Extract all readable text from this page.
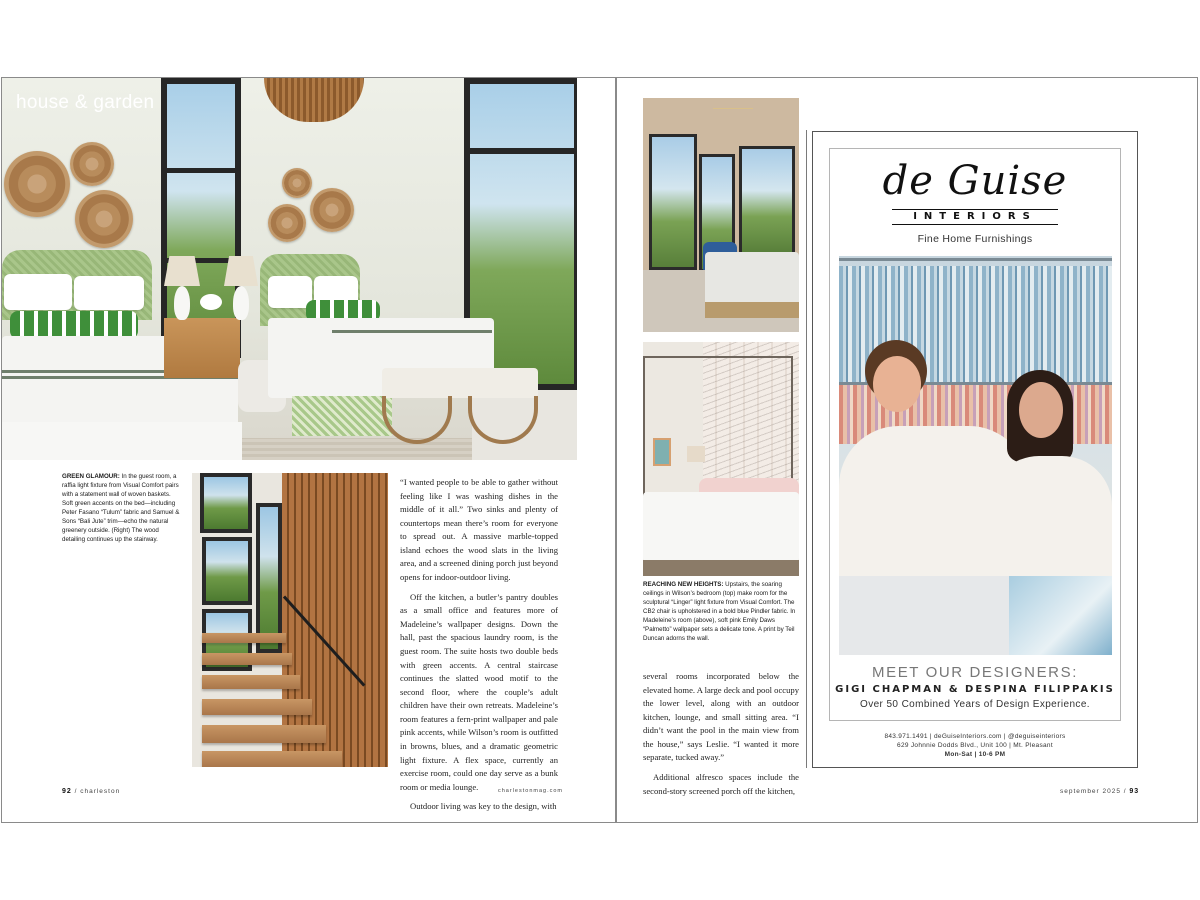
house & garden
GREEN GLAMOUR: In the guest room, a raffia light fixture from Visual Comfort pairs with a statement wall of woven baskets. Soft green accents on the bed—including Peter Fasano “Tulum” fabric and Samuel & Sons “Bali Jute” trim—echo the natural greenery outside. (Right) The wood detailing continues up the stairway.

“I wanted people to be able to gather without feeling like I was washing dishes in the middle of it all.” Two sinks and plenty of countertops mean there’s room for everyone to spread out. A massive marble-topped island echoes the wood slats in the living area, and a screened dining porch just beyond opens for indoor-outdoor living.

Off the kitchen, a butler’s pantry doubles as a small office and features more of Madeleine’s wallpaper designs. Down the hall, past the spacious laundry room, is the guest room. The suite hosts two double beds with green accents. A central staircase continues the slatted wood motif to the second floor, where the couple’s adult children have their own retreats. Madeleine’s room features a fern-print wallpaper and pale pink accents, while Wilson’s room is outfitted in browns, blues, and a dramatic geometric light fixture. A flex space, currently an exercise room, could one day serve as a bunk room or media lounge.

Outdoor living was key to the design, with

92 / charleston	charlestonmag.com
REACHING NEW HEIGHTS: Upstairs, the soaring ceilings in Wilson’s bedroom (top) make room for the sculptural “Linger” light fixture from Visual Comfort. The CB2 chair is upholstered in a bold blue Pindler fabric. In Madeleine’s room (above), soft pink Emily Daws “Palmetto” wallpaper sets a delicate tone. A print by Teil Duncan adorns the wall.

several rooms incorporated below the elevated home. A large deck and pool occupy the lower level, along with an outdoor kitchen, lounge, and small sitting area. “I didn’t want the pool in the main view from the house,” says Leslie. “I wanted it more separate, tucked away.”

Additional alfresco spaces include the second-story screened porch off the kitchen,

de Guise
INTERIORS
Fine Home Furnishings
MEET OUR DESIGNERS:
GIGI CHAPMAN & DESPINA FILIPPAKIS
Over 50 Combined Years of Design Experience.
843.971.1491 | deGuiseInteriors.com | @deguiseinteriors
629 Johnnie Dodds Blvd., Unit 100 | Mt. Pleasant
Mon-Sat | 10-6 PM
september 2025 / 93
